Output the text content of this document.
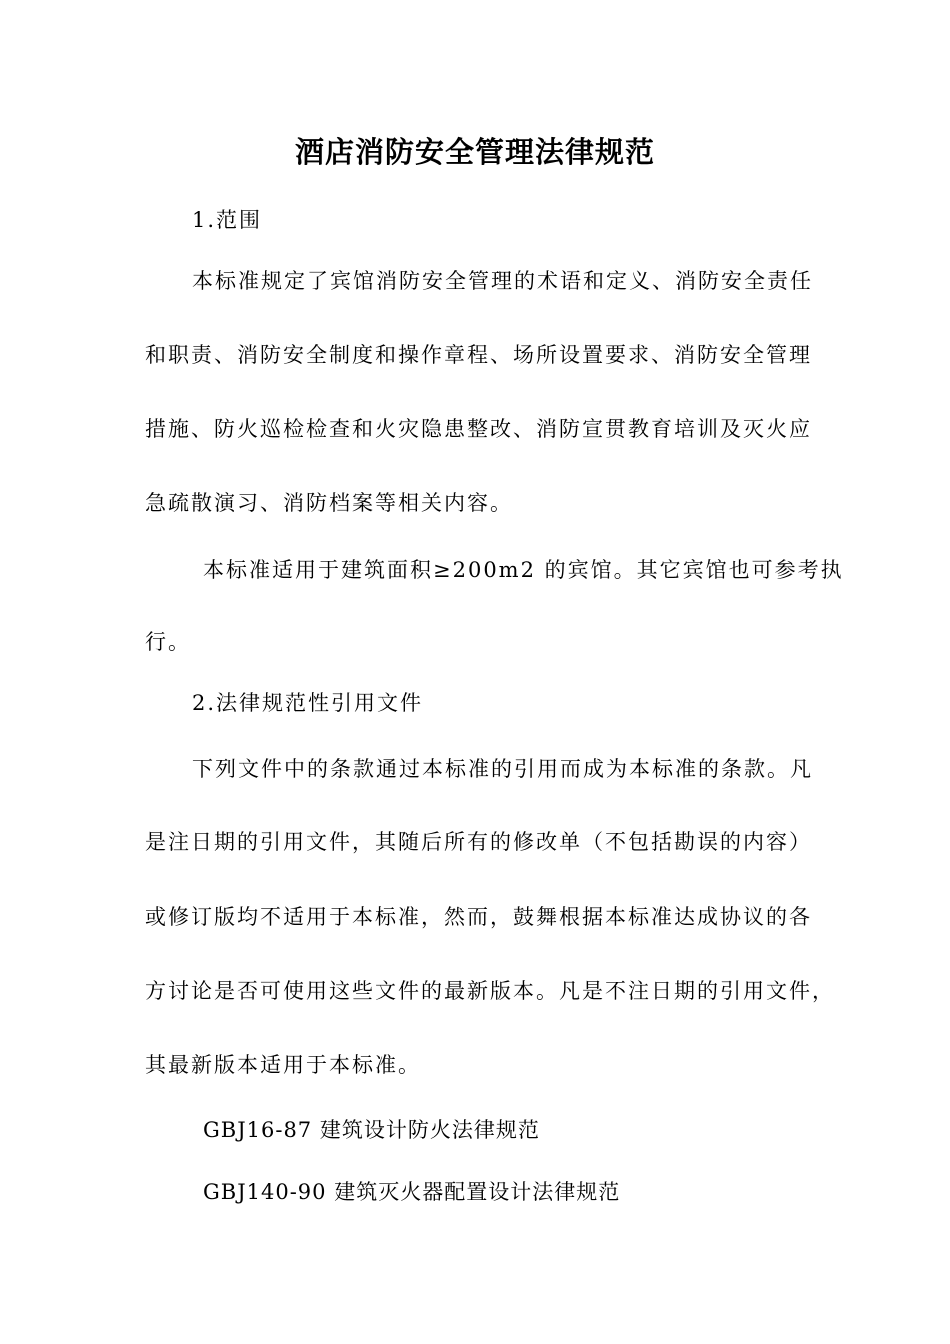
酒店消防安全管理法律规范

1.范围

本标准规定了宾馆消防安全管理的术语和定义、消防安全责任

和职责、消防安全制度和操作章程、场所设置要求、消防安全管理

措施、防火巡检检查和火灾隐患整改、消防宣贯教育培训及灭火应

急疏散演习、消防档案等相关内容。

本标准适用于建筑面积≥200m2 的宾馆。其它宾馆也可参考执

行。

2.法律规范性引用文件

下列文件中的条款通过本标准的引用而成为本标准的条款。凡

是注日期的引用文件，其随后所有的修改单（不包括勘误的内容）

或修订版均不适用于本标准，然而，鼓舞根据本标准达成协议的各

方讨论是否可使用这些文件的最新版本。凡是不注日期的引用文件，

其最新版本适用于本标准。

GBJ16-87 建筑设计防火法律规范

GBJ140-90 建筑灭火器配置设计法律规范
